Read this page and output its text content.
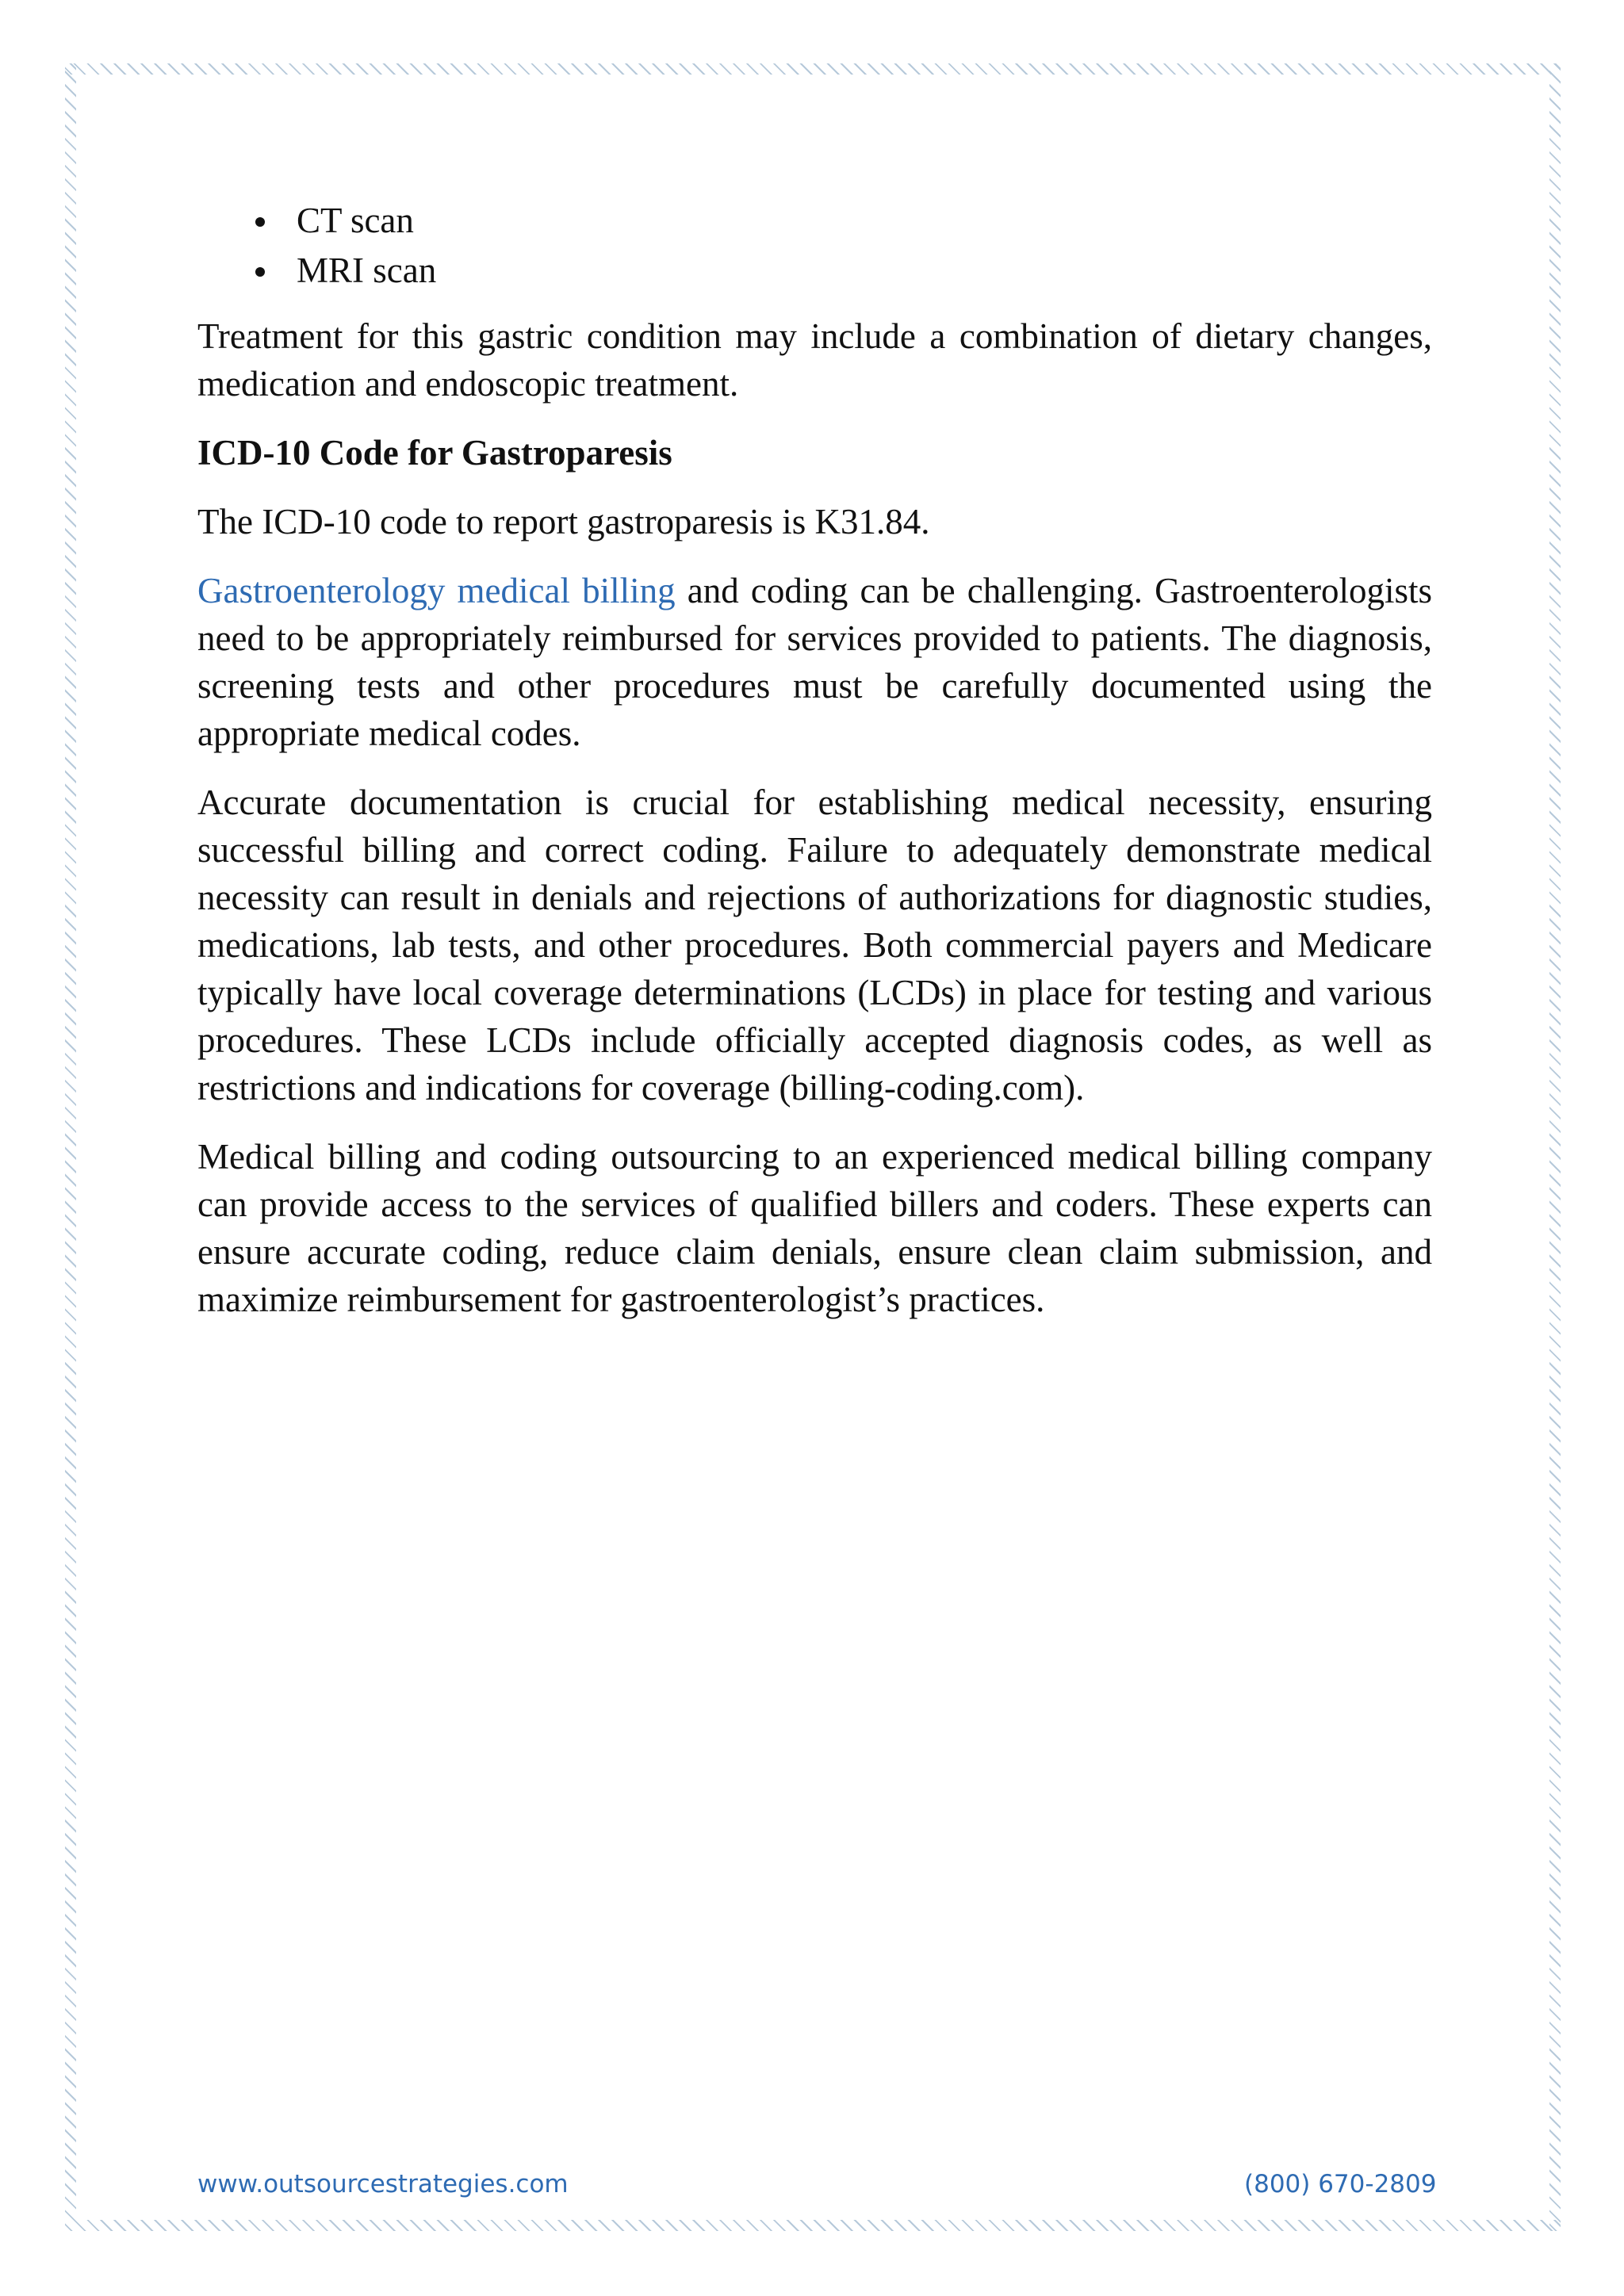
CT scan
MRI scan

Treatment for this gastric condition may include a combination of dietary changes, medication and endoscopic treatment.

ICD-10 Code for Gastroparesis

The ICD-10 code to report gastroparesis is K31.84.

Gastroenterology medical billing and coding can be challenging. Gastroenterologists need to be appropriately reimbursed for services provided to patients. The diagnosis, screening tests and other procedures must be carefully documented using the appropriate medical codes.

Accurate documentation is crucial for establishing medical necessity, ensuring successful billing and correct coding. Failure to adequately demonstrate medical necessity can result in denials and rejections of authorizations for diagnostic studies, medications, lab tests, and other procedures. Both commercial payers and Medicare typically have local coverage determinations (LCDs) in place for testing and various procedures. These LCDs include officially accepted diagnosis codes, as well as restrictions and indications for coverage (billing-coding.com).

Medical billing and coding outsourcing to an experienced medical billing company can provide access to the services of qualified billers and coders. These experts can ensure accurate coding, reduce claim denials, ensure clean claim submission, and maximize reimbursement for gastroenterologist’s practices.

www.outsourcestrategies.com	(800) 670-2809
